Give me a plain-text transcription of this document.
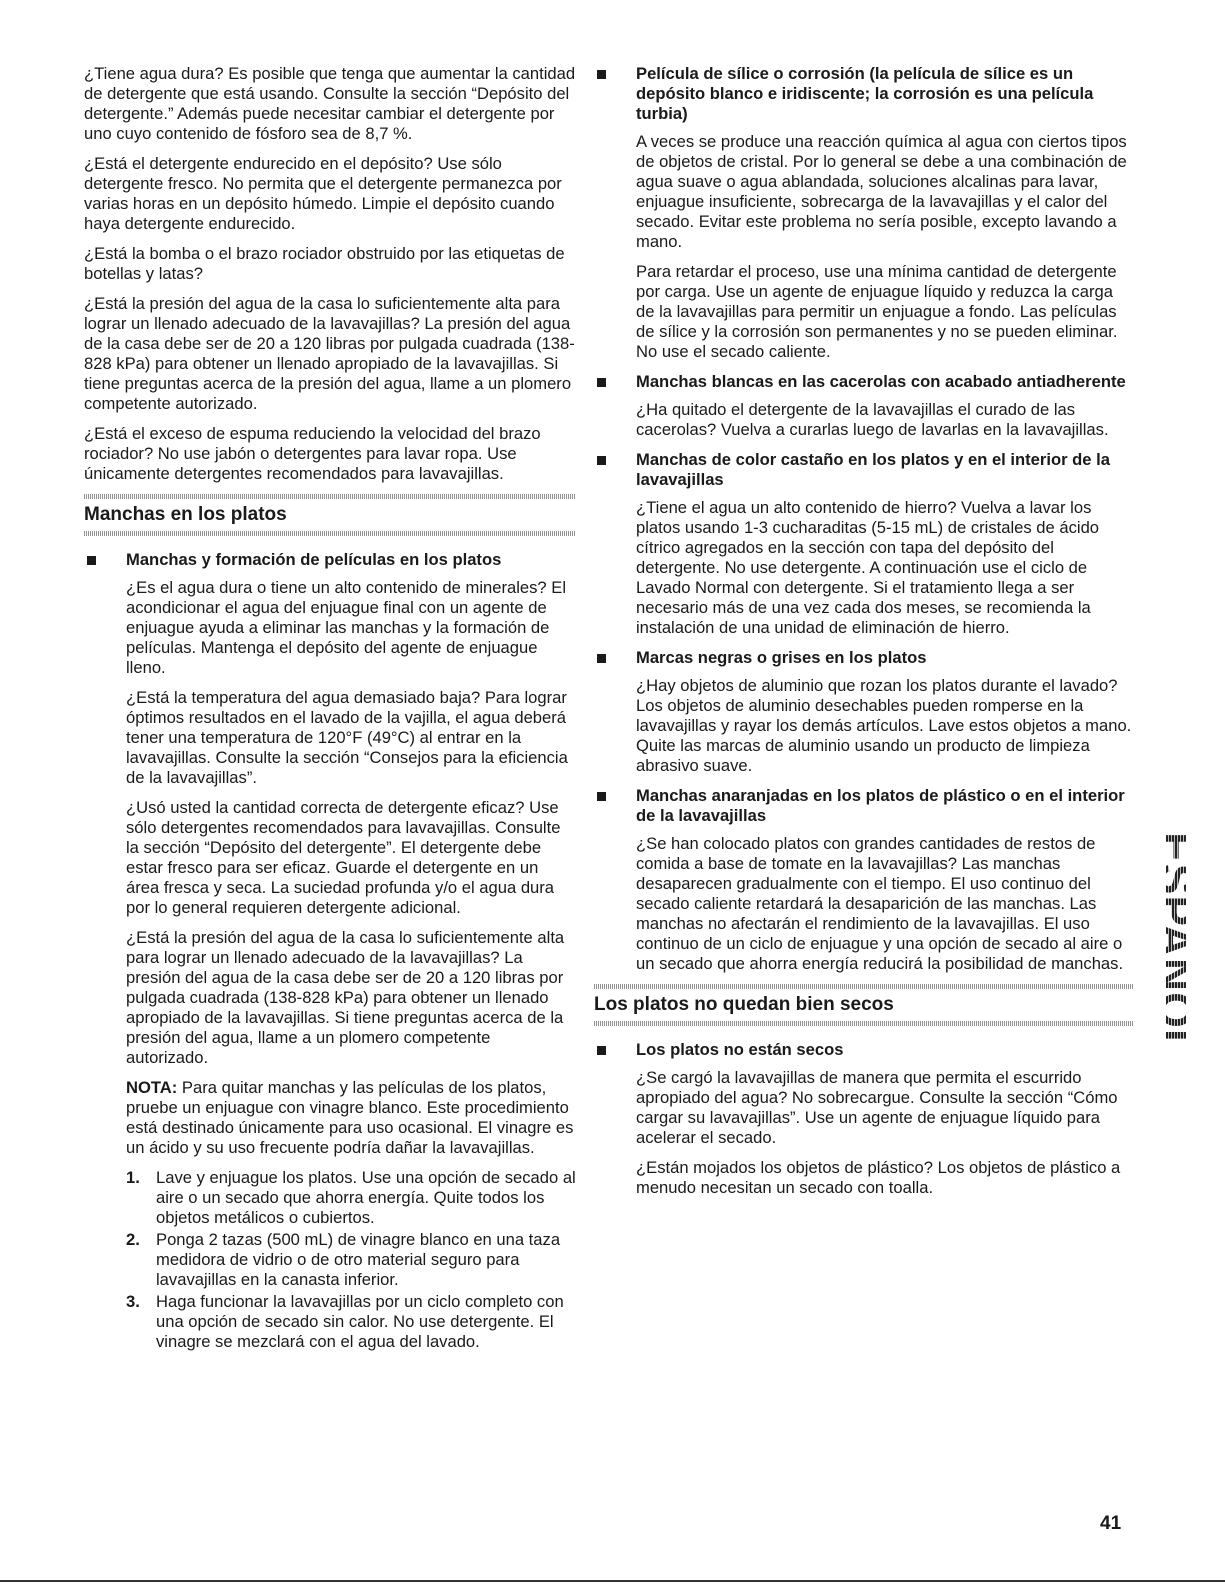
¿Tiene agua dura? Es posible que tenga que aumentar la cantidad de detergente que está usando. Consulte la sección “Depósito del detergente.” Además puede necesitar cambiar el detergente por uno cuyo contenido de fósforo sea de 8,7 %.

¿Está el detergente endurecido en el depósito? Use sólo detergente fresco. No permita que el detergente permanezca por varias horas en un depósito húmedo. Limpie el depósito cuando haya detergente endurecido.

¿Está la bomba o el brazo rociador obstruido por las etiquetas de botellas y latas?

¿Está la presión del agua de la casa lo suficientemente alta para lograr un llenado adecuado de la lavavajillas? La presión del agua de la casa debe ser de 20 a 120 libras por pulgada cuadrada (138-828 kPa) para obtener un llenado apropiado de la lavavajillas. Si tiene preguntas acerca de la presión del agua, llame a un plomero competente autorizado.

¿Está el exceso de espuma reduciendo la velocidad del brazo rociador? No use jabón o detergentes para lavar ropa. Use únicamente detergentes recomendados para lavavajillas.

Manchas en los platos

Manchas y formación de películas en los platos

¿Es el agua dura o tiene un alto contenido de minerales? El acondicionar el agua del enjuague final con un agente de enjuague ayuda a eliminar las manchas y la formación de películas. Mantenga el depósito del agente de enjuague lleno.

¿Está la temperatura del agua demasiado baja? Para lograr óptimos resultados en el lavado de la vajilla, el agua deberá tener una temperatura de 120°F (49°C) al entrar en la lavavajillas. Consulte la sección “Consejos para la eficiencia de la lavavajillas”.

¿Usó usted la cantidad correcta de detergente eficaz? Use sólo detergentes recomendados para lavavajillas. Consulte la sección “Depósito del detergente”. El detergente debe estar fresco para ser eficaz. Guarde el detergente en un área fresca y seca. La suciedad profunda y/o el agua dura por lo general requieren detergente adicional.

¿Está la presión del agua de la casa lo suficientemente alta para lograr un llenado adecuado de la lavavajillas? La presión del agua de la casa debe ser de 20 a 120 libras por pulgada cuadrada (138-828 kPa) para obtener un llenado apropiado de la lavavajillas. Si tiene preguntas acerca de la presión del agua, llame a un plomero competente autorizado.

NOTA: Para quitar manchas y las películas de los platos, pruebe un enjuague con vinagre blanco. Este procedimiento está destinado únicamente para uso ocasional. El vinagre es un ácido y su uso frecuente podría dañar la lavavajillas.

1. Lave y enjuague los platos. Use una opción de secado al aire o un secado que ahorra energía. Quite todos los objetos metálicos o cubiertos.
2. Ponga 2 tazas (500 mL) de vinagre blanco en una taza medidora de vidrio o de otro material seguro para lavavajillas en la canasta inferior.
3. Haga funcionar la lavavajillas por un ciclo completo con una opción de secado sin calor. No use detergente. El vinagre se mezclará con el agua del lavado.

Película de sílice o corrosión (la película de sílice es un depósito blanco e iridiscente; la corrosión es una película turbia)

A veces se produce una reacción química al agua con ciertos tipos de objetos de cristal. Por lo general se debe a una combinación de agua suave o agua ablandada, soluciones alcalinas para lavar, enjuague insuficiente, sobrecarga de la lavavajillas y el calor del secado. Evitar este problema no sería posible, excepto lavando a mano.

Para retardar el proceso, use una mínima cantidad de detergente por carga. Use un agente de enjuague líquido y reduzca la carga de la lavavajillas para permitir un enjuague a fondo. Las películas de sílice y la corrosión son permanentes y no se pueden eliminar. No use el secado caliente.

Manchas blancas en las cacerolas con acabado antiadherente

¿Ha quitado el detergente de la lavavajillas el curado de las cacerolas? Vuelva a curarlas luego de lavarlas en la lavavajillas.

Manchas de color castaño en los platos y en el interior de la lavavajillas

¿Tiene el agua un alto contenido de hierro? Vuelva a lavar los platos usando 1-3 cucharaditas (5-15 mL) de cristales de ácido cítrico agregados en la sección con tapa del depósito del detergente. No use detergente. A continuación use el ciclo de Lavado Normal con detergente. Si el tratamiento llega a ser necesario más de una vez cada dos meses, se recomienda la instalación de una unidad de eliminación de hierro.

Marcas negras o grises en los platos

¿Hay objetos de aluminio que rozan los platos durante el lavado? Los objetos de aluminio desechables pueden romperse en la lavavajillas y rayar los demás artículos. Lave estos objetos a mano. Quite las marcas de aluminio usando un producto de limpieza abrasivo suave.

Manchas anaranjadas en los platos de plástico o en el interior de la lavavajillas

¿Se han colocado platos con grandes cantidades de restos de comida a base de tomate en la lavavajillas? Las manchas desaparecen gradualmente con el tiempo. El uso continuo del secado caliente retardará la desaparición de las manchas. Las manchas no afectarán el rendimiento de la lavavajillas. El uso continuo de un ciclo de enjuague y una opción de secado al aire o un secado que ahorra energía reducirá la posibilidad de manchas.

Los platos no quedan bien secos

Los platos no están secos

¿Se cargó la lavavajillas de manera que permita el escurrido apropiado del agua? No sobrecargue. Consulte la sección “Cómo cargar su lavavajillas”. Use un agente de enjuague líquido para acelerar el secado.

¿Están mojados los objetos de plástico? Los objetos de plástico a menudo necesitan un secado con toalla.

ESPAÑOL
41
